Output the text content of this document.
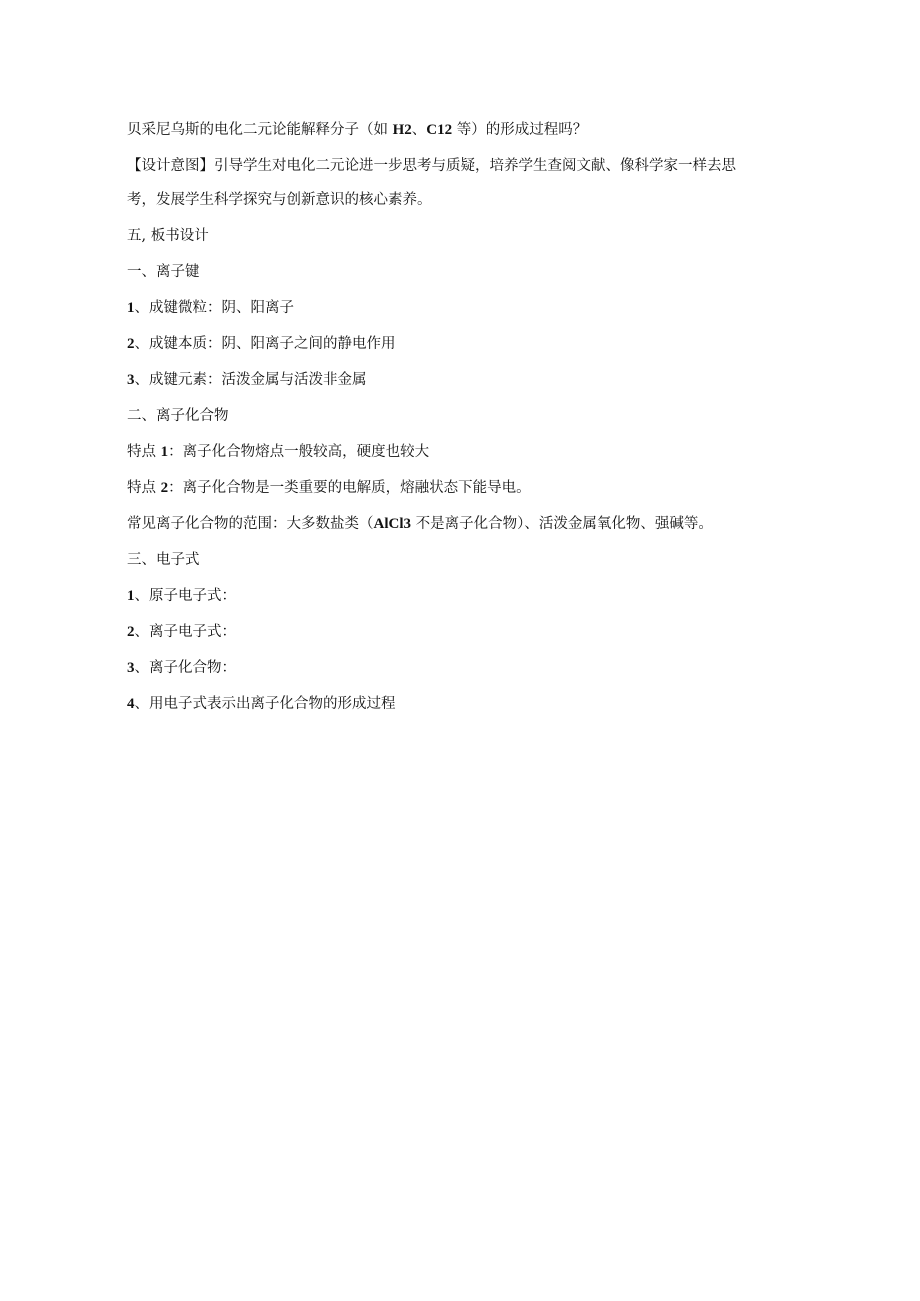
贝采尼乌斯的电化二元论能解释分子（如 H2、C12 等）的形成过程吗？

【设计意图】引导学生对电化二元论进一步思考与质疑，培养学生查阅文献、像科学家一样去思

考，发展学生科学探究与创新意识的核心素养。

五, 板书设计

一、离子键

1、成键微粒：阴、阳离子

2、成键本质：阴、阳离子之间的静电作用

3、成键元素：活泼金属与活泼非金属

二、离子化合物

特点 1：离子化合物熔点一般较高，硬度也较大

特点 2：离子化合物是一类重要的电解质，熔融状态下能导电。

常见离子化合物的范围：大多数盐类（AlCl3 不是离子化合物）、活泼金属氧化物、强碱等。

三、电子式

1、原子电子式：

2、离子电子式：

3、离子化合物：

4、用电子式表示出离子化合物的形成过程
